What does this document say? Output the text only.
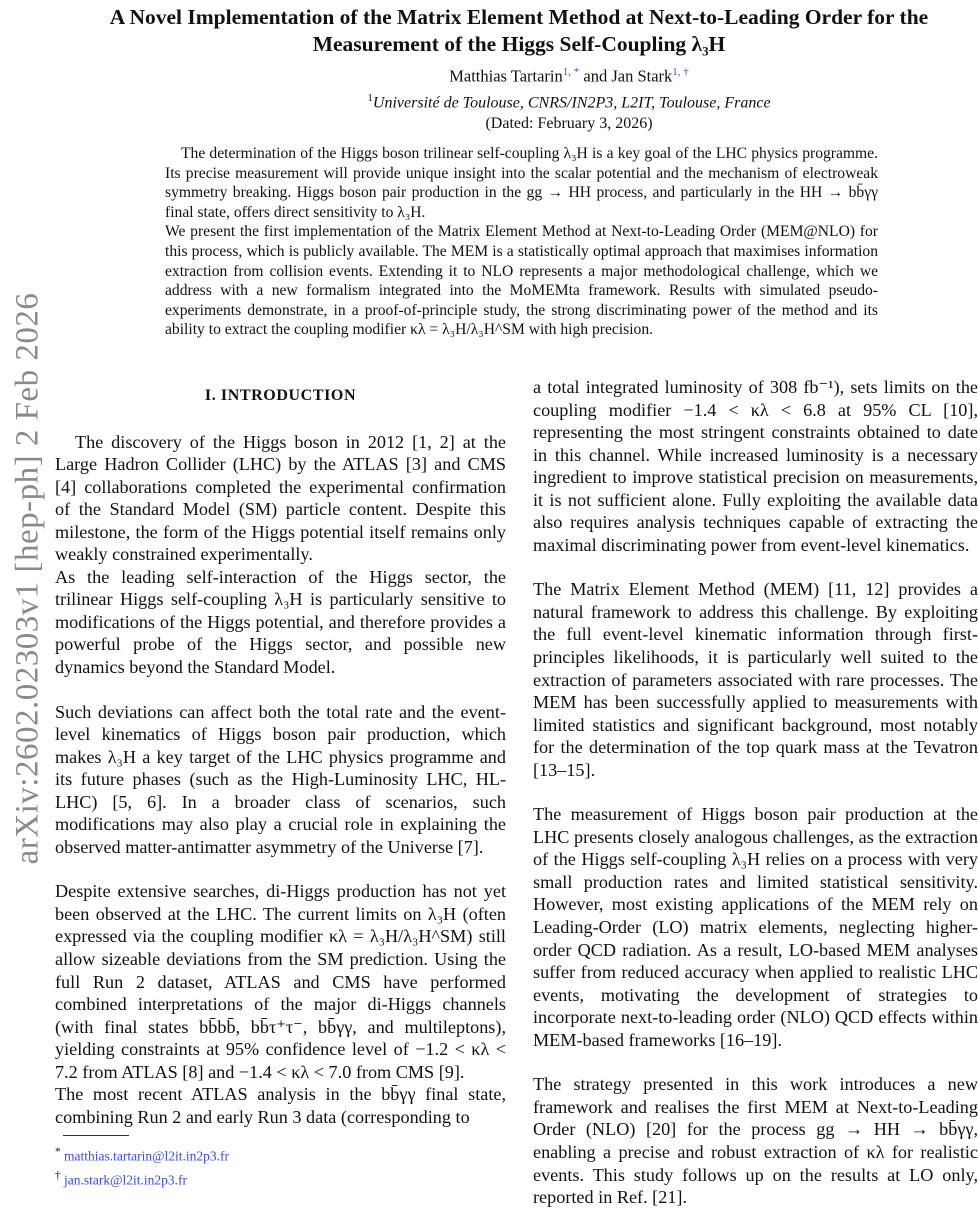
A Novel Implementation of the Matrix Element Method at Next-to-Leading Order for the Measurement of the Higgs Self-Coupling λ₃H
Matthias Tartarin$^{1, *}$ and Jan Stark$^{1, \dagger}$
$^1$Université de Toulouse, CNRS/IN2P3, L2IT, Toulouse, France
(Dated: February 3, 2026)

The determination of the Higgs boson trilinear self-coupling λ₃H is a key goal of the LHC physics programme. Its precise measurement will provide unique insight into the scalar potential and the mechanism of electroweak symmetry breaking. Higgs boson pair production in the gg → HH process, and particularly in the HH → bb̄γγ final state, offers direct sensitivity to λ₃H.

We present the first implementation of the Matrix Element Method at Next-to-Leading Order (MEM@NLO) for this process, which is publicly available. The MEM is a statistically optimal approach that maximises information extraction from collision events. Extending it to NLO represents a major methodological challenge, which we address with a new formalism integrated into the MoMEMta framework. Results with simulated pseudo-experiments demonstrate, in a proof-of-principle study, the strong discriminating power of the method and its ability to extract the coupling modifier κλ = λ₃H/λ₃H^SM with high precision.

arXiv:2602.02303v1 [hep-ph] 2 Feb 2026	I. INTRODUCTION

The discovery of the Higgs boson in 2012 [1, 2] at the Large Hadron Collider (LHC) by the ATLAS [3] and CMS [4] collaborations completed the experimental confirmation of the Standard Model (SM) particle content. Despite this milestone, the form of the Higgs potential itself remains only weakly constrained experimentally.

As the leading self-interaction of the Higgs sector, the trilinear Higgs self-coupling λ₃H is particularly sensitive to modifications of the Higgs potential, and therefore provides a powerful probe of the Higgs sector, and possible new dynamics beyond the Standard Model.

Such deviations can affect both the total rate and the event-level kinematics of Higgs boson pair production, which makes λ₃H a key target of the LHC physics programme and its future phases (such as the High-Luminosity LHC, HL-LHC) [5, 6]. In a broader class of scenarios, such modifications may also play a crucial role in explaining the observed matter-antimatter asymmetry of the Universe [7].

Despite extensive searches, di-Higgs production has not yet been observed at the LHC. The current limits on λ₃H (often expressed via the coupling modifier κλ = λ₃H/λ₃H^SM) still allow sizeable deviations from the SM prediction. Using the full Run 2 dataset, ATLAS and CMS have performed combined interpretations of the major di-Higgs channels (with final states bb̄bb̄, bb̄τ⁺τ⁻, bb̄γγ, and multileptons), yielding constraints at 95% confidence level of −1.2 < κλ < 7.2 from ATLAS [8] and −1.4 < κλ < 7.0 from CMS [9].

The most recent ATLAS analysis in the bb̄γγ final state, combining Run 2 and early Run 3 data (corresponding to

a total integrated luminosity of 308 fb⁻¹), sets limits on the coupling modifier −1.4 < κλ < 6.8 at 95% CL [10], representing the most stringent constraints obtained to date in this channel. While increased luminosity is a necessary ingredient to improve statistical precision on measurements, it is not sufficient alone. Fully exploiting the available data also requires analysis techniques capable of extracting the maximal discriminating power from event-level kinematics.

The Matrix Element Method (MEM) [11, 12] provides a natural framework to address this challenge. By exploiting the full event-level kinematic information through first-principles likelihoods, it is particularly well suited to the extraction of parameters associated with rare processes. The MEM has been successfully applied to measurements with limited statistics and significant background, most notably for the determination of the top quark mass at the Tevatron [13–15].

The measurement of Higgs boson pair production at the LHC presents closely analogous challenges, as the extraction of the Higgs self-coupling λ₃H relies on a process with very small production rates and limited statistical sensitivity. However, most existing applications of the MEM rely on Leading-Order (LO) matrix elements, neglecting higher-order QCD radiation. As a result, LO-based MEM analyses suffer from reduced accuracy when applied to realistic LHC events, motivating the development of strategies to incorporate next-to-leading order (NLO) QCD effects within MEM-based frameworks [16–19].

The strategy presented in this work introduces a new framework and realises the first MEM at Next-to-Leading Order (NLO) [20] for the process gg → HH → bb̄γγ, enabling a precise and robust extraction of κλ for realistic events. This study follows up on the results at LO only, reported in Ref. [21].

* matthias.tartarin@l2it.in2p3.fr
† jan.stark@l2it.in2p3.fr
